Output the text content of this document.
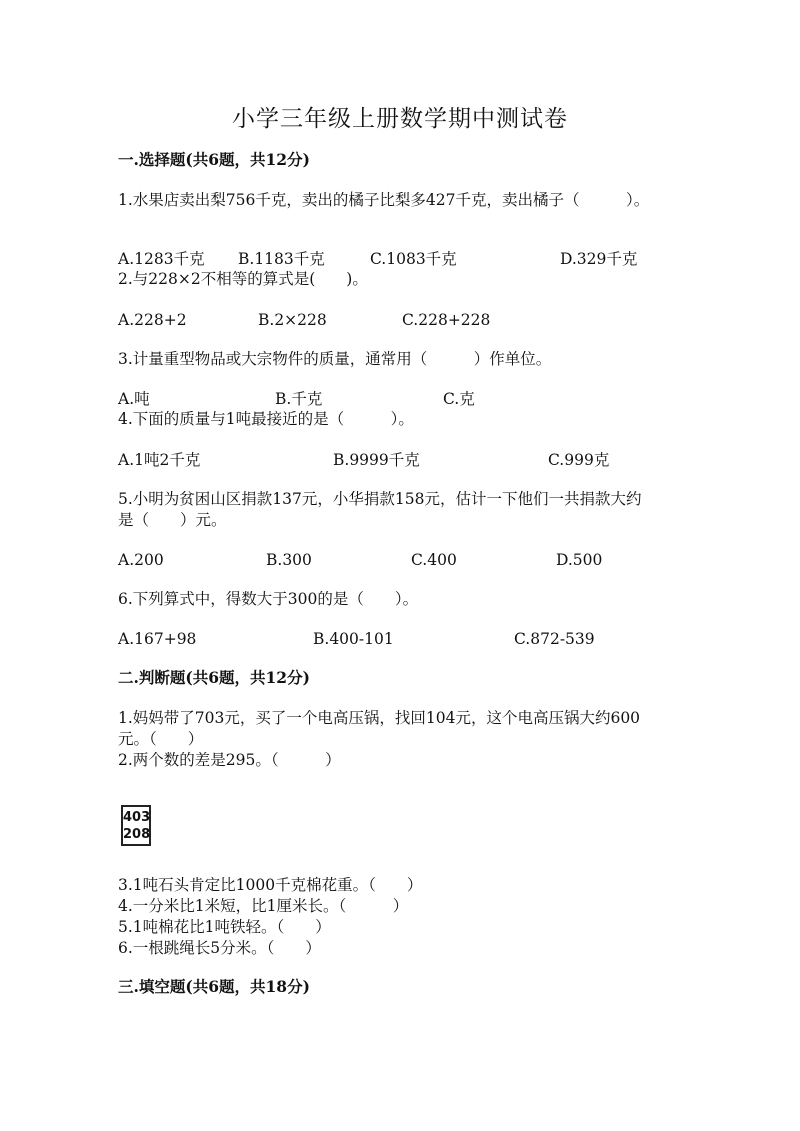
小学三年级上册数学期中测试卷
一.选择题(共6题，共12分)
1.水果店卖出梨756千克，卖出的橘子比梨多427千克，卖出橘子（　　　）。
A.1283千克 B.1183千克	C.1083千克	D.329千克
2.与228×2不相等的算式是(　　)。
A.228+2	B.2×228	C.228+228
3.计量重型物品或大宗物件的质量，通常用（　　　）作单位。
A.吨	B.千克	C.克
4.下面的质量与1吨最接近的是（　　　）。
A.1吨2千克	B.9999千克	C.999克
5.小明为贫困山区捐款137元，小华捐款158元，估计一下他们一共捐款大约
是（　　）元。
A.200	B.300	C.400	D.500
6.下列算式中，得数大于300的是（　　）。
A.167+98	B.400-101	C.872-539
二.判断题(共6题，共12分)
1.妈妈带了703元，买了一个电高压锅，找回104元，这个电高压锅大约600
元。（　　）
2.两个数的差是295。（　　　）
403
208
3.1吨石头肯定比1000千克棉花重。（　　）
4.一分米比1米短，比1厘米长。（　　　）
5.1吨棉花比1吨铁轻。（　　）
6.一根跳绳长5分米。（　　）
三.填空题(共6题，共18分)
